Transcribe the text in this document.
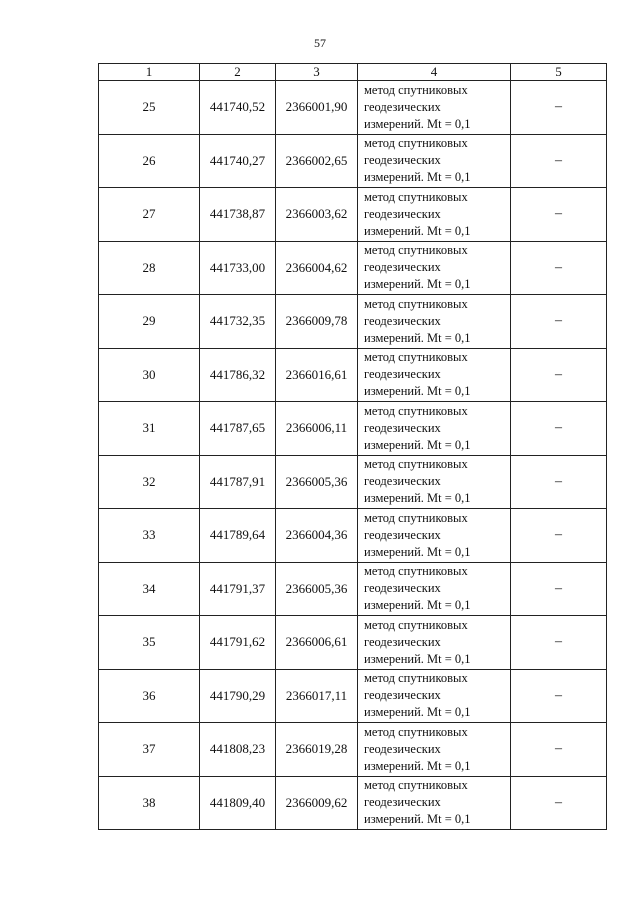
57
1	2	3	4	5
25	441740,52	2366001,90	метод спутниковых
геодезических
измерений. Mt = 0,1	–
26	441740,27	2366002,65	метод спутниковых
геодезических
измерений. Mt = 0,1	–
27	441738,87	2366003,62	метод спутниковых
геодезических
измерений. Mt = 0,1	–
28	441733,00	2366004,62	метод спутниковых
геодезических
измерений. Mt = 0,1	–
29	441732,35	2366009,78	метод спутниковых
геодезических
измерений. Mt = 0,1	–
30	441786,32	2366016,61	метод спутниковых
геодезических
измерений. Mt = 0,1	–
31	441787,65	2366006,11	метод спутниковых
геодезических
измерений. Mt = 0,1	–
32	441787,91	2366005,36	метод спутниковых
геодезических
измерений. Mt = 0,1	–
33	441789,64	2366004,36	метод спутниковых
геодезических
измерений. Mt = 0,1	–
34	441791,37	2366005,36	метод спутниковых
геодезических
измерений. Mt = 0,1	–
35	441791,62	2366006,61	метод спутниковых
геодезических
измерений. Mt = 0,1	–
36	441790,29	2366017,11	метод спутниковых
геодезических
измерений. Mt = 0,1	–
37	441808,23	2366019,28	метод спутниковых
геодезических
измерений. Mt = 0,1	–
38	441809,40	2366009,62	метод спутниковых
геодезических
измерений. Mt = 0,1	–
